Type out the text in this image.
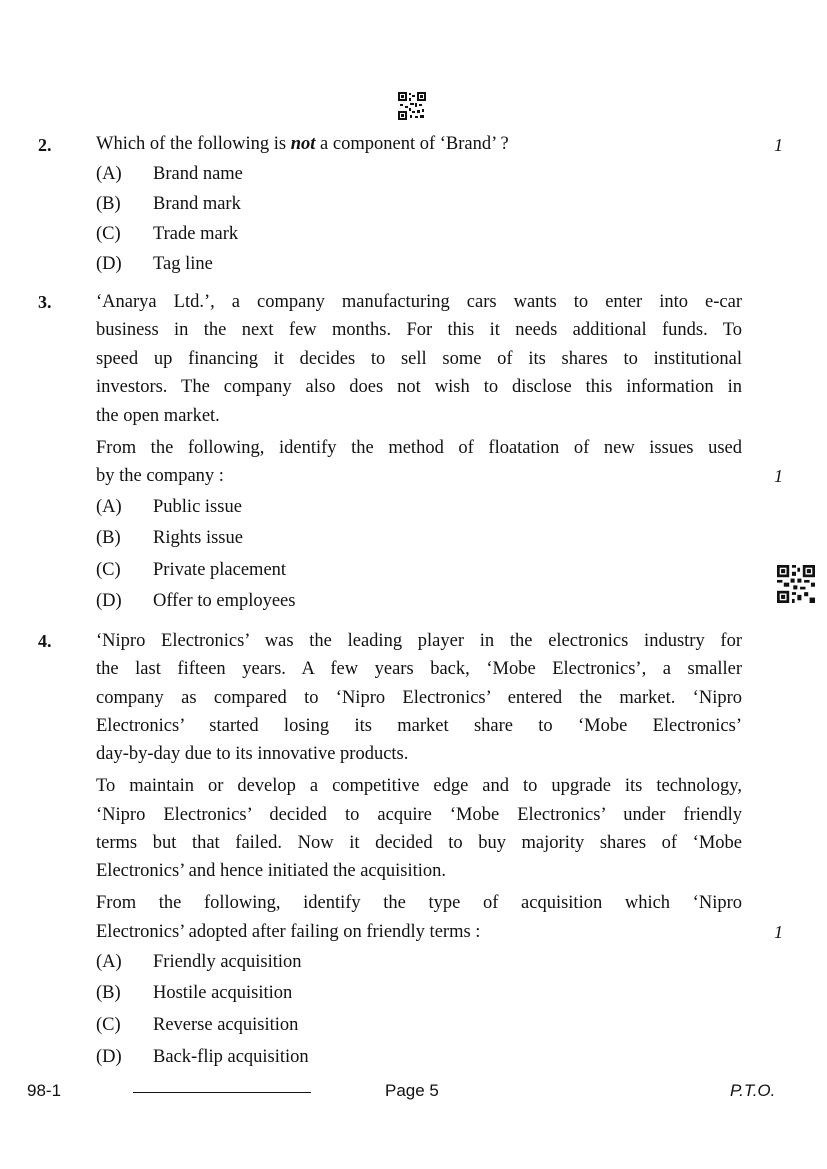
2. Which of the following is not a component of ‘Brand’ ?	1
(A) Brand name
(B) Brand mark
(C) Trade mark
(D) Tag line
3. ‘Anarya Ltd.’, a company manufacturing cars wants to enter into e-car
business in the next few months. For this it needs additional funds. To
speed up financing it decides to sell some of its shares to institutional
investors. The company also does not wish to disclose this information in
the open market.
From the following, identify the method of floatation of new issues used
by the company :	1
(A) Public issue
(B) Rights issue
(C) Private placement
(D) Offer to employees
4. ‘Nipro Electronics’ was the leading player in the electronics industry for
the last fifteen years. A few years back, ‘Mobe Electronics’, a smaller
company as compared to ‘Nipro Electronics’ entered the market. ‘Nipro
Electronics’ started losing its market share to ‘Mobe Electronics’
day-by-day due to its innovative products.
To maintain or develop a competitive edge and to upgrade its technology,
‘Nipro Electronics’ decided to acquire ‘Mobe Electronics’ under friendly
terms but that failed. Now it decided to buy majority shares of ‘Mobe
Electronics’ and hence initiated the acquisition.
From the following, identify the type of acquisition which ‘Nipro
Electronics’ adopted after failing on friendly terms :	1
(A) Friendly acquisition
(B) Hostile acquisition
(C) Reverse acquisition
(D) Back-flip acquisition
98-1	Page 5	P.T.O.
